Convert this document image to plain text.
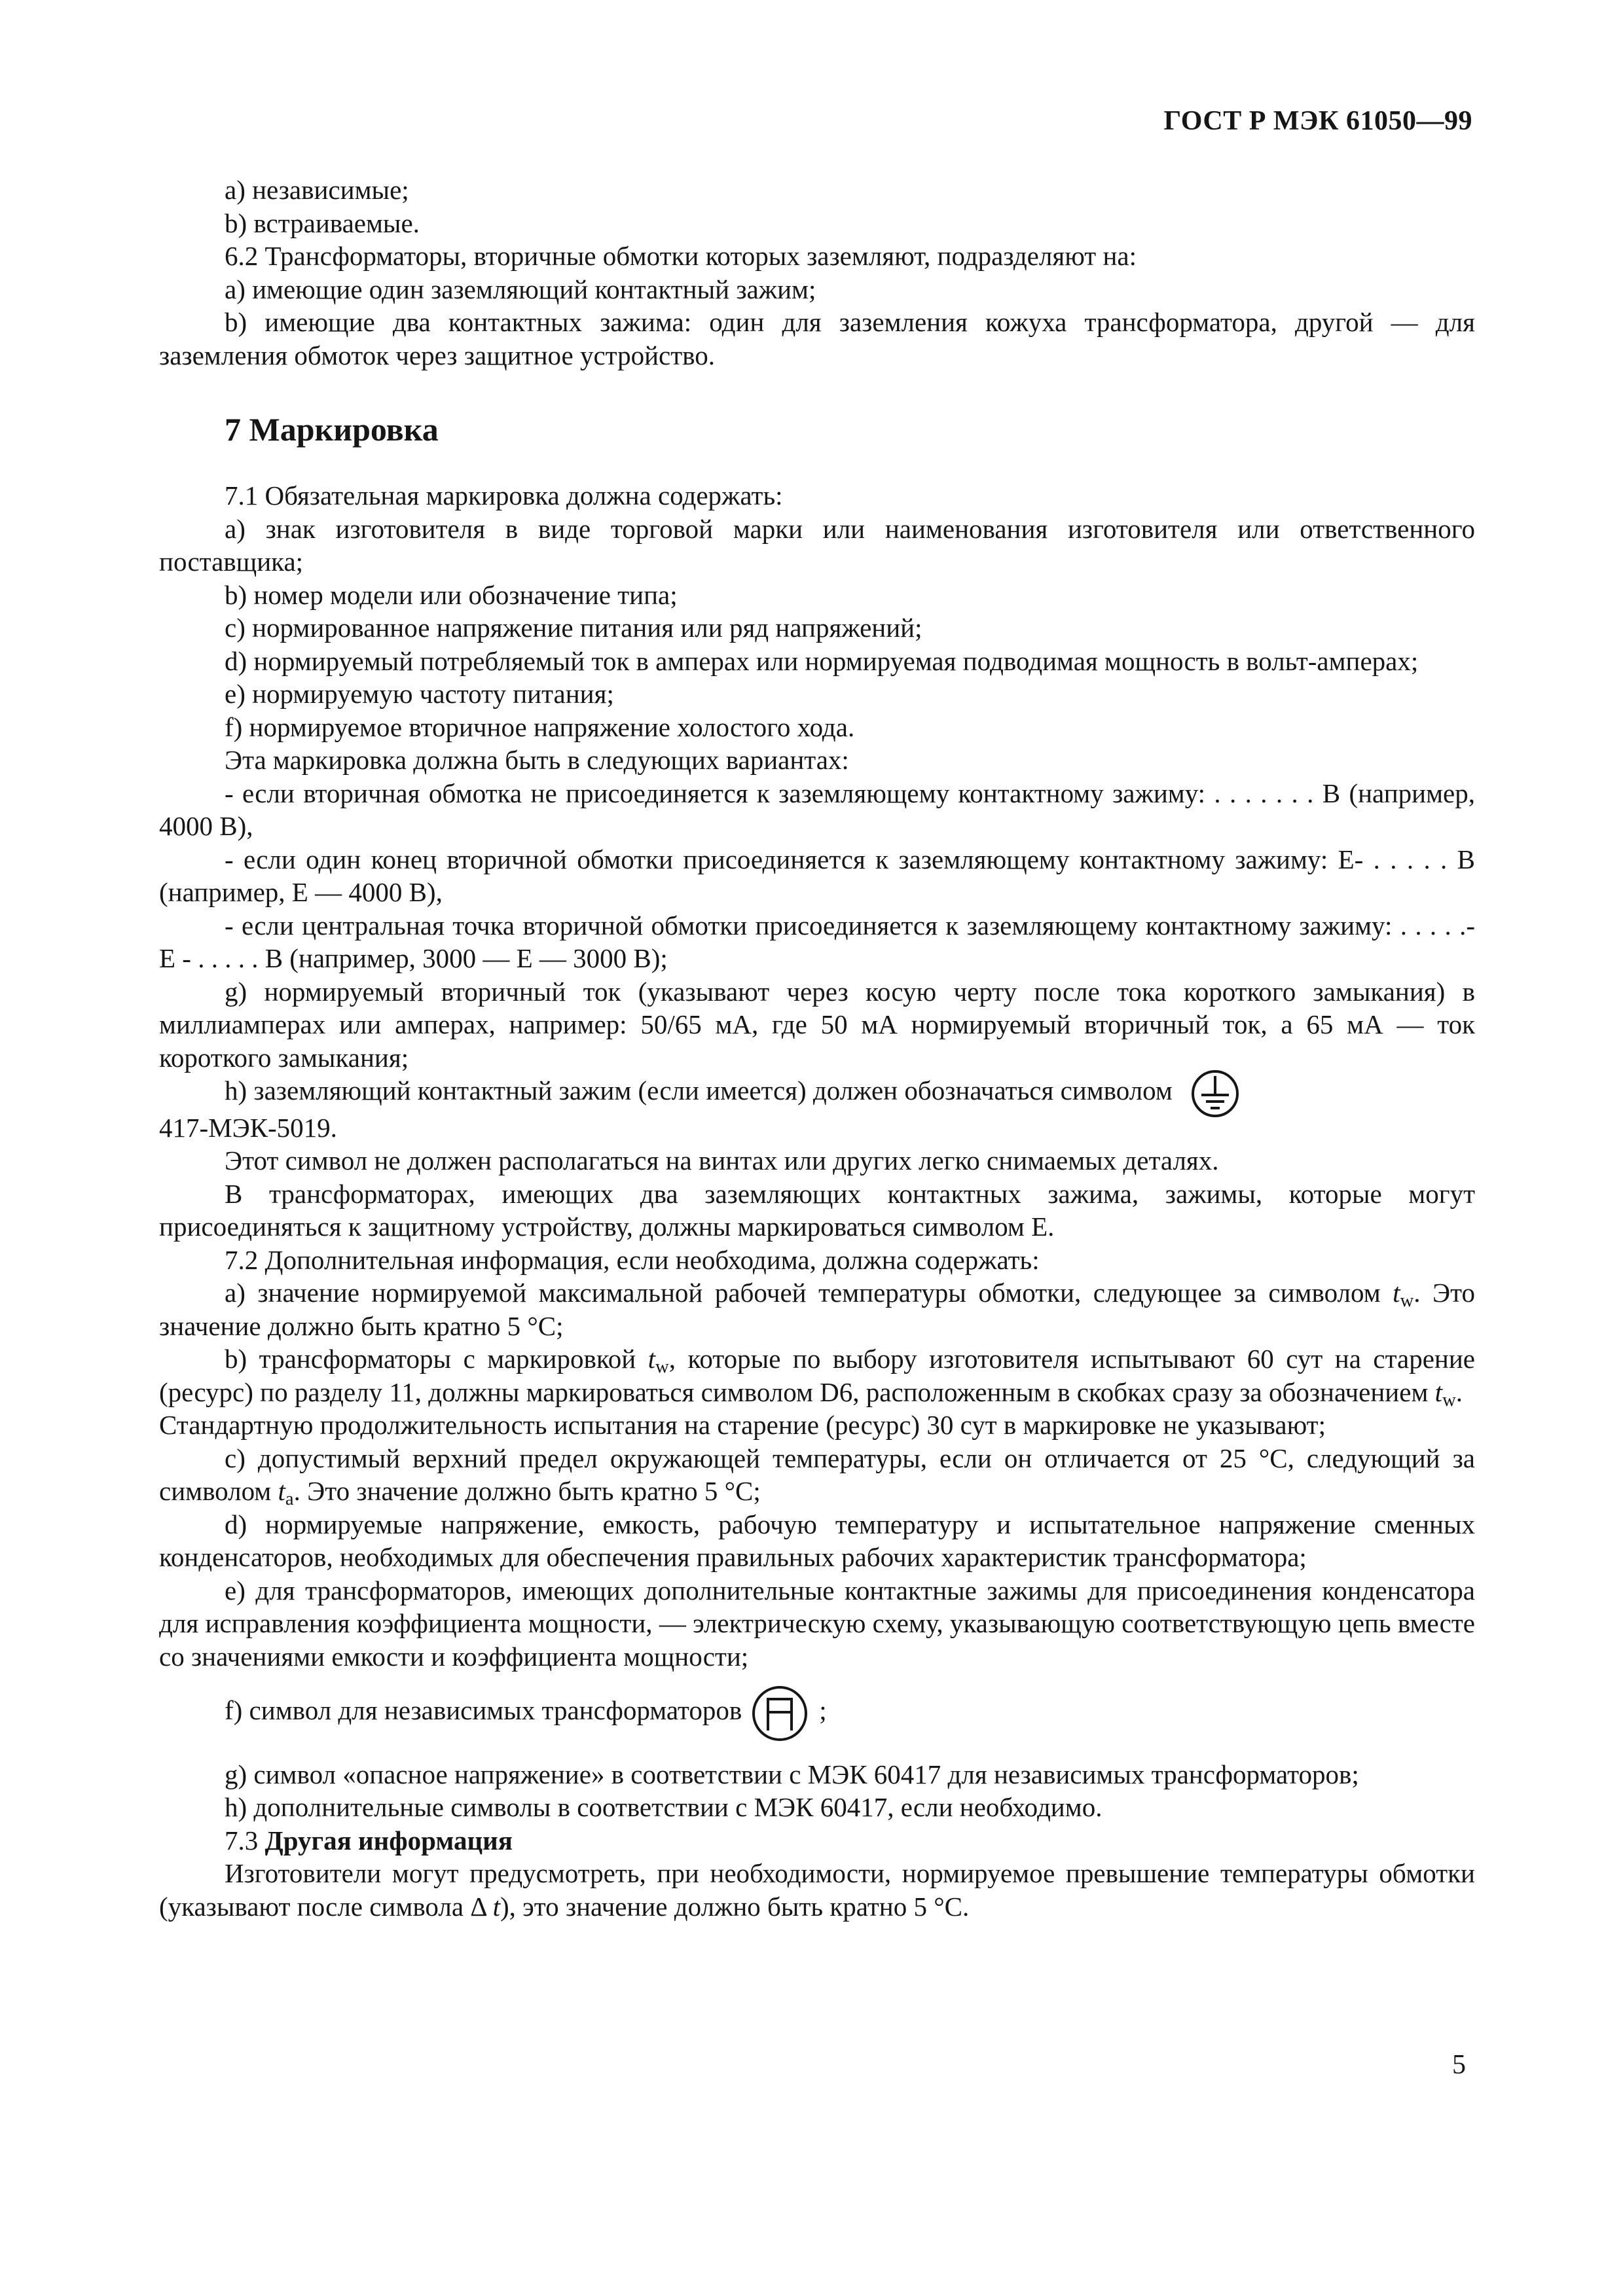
ГОСТ Р МЭК 61050—99

а) независимые;

b) встраиваемые.

6.2 Трансформаторы, вторичные обмотки которых заземляют, подразделяют на:

а) имеющие один заземляющий контактный зажим;

b) имеющие два контактных зажима: один для заземления кожуха трансформатора, другой — для заземления обмоток через защитное устройство.

7 Маркировка

7.1 Обязательная маркировка должна содержать:

а) знак изготовителя в виде торговой марки или наименования изготовителя или ответственного поставщика;

b) номер модели или обозначение типа;

c) нормированное напряжение питания или ряд напряжений;

d) нормируемый потребляемый ток в амперах или нормируемая подводимая мощность в вольт-амперах;

e) нормируемую частоту питания;

f) нормируемое вторичное напряжение холостого хода.

Эта маркировка должна быть в следующих вариантах:

- если вторичная обмотка не присоединяется к заземляющему контактному зажиму: . . . . . . . В (например, 4000 В),

- если один конец вторичной обмотки присоединяется к заземляющему контактному зажиму: Е- . . . . . В (например, Е — 4000 В),

- если центральная точка вторичной обмотки присоединяется к заземляющему контактному зажиму: . . . . .- Е - . . . . . В (например, 3000 — Е — 3000 В);

g) нормируемый вторичный ток (указывают через косую черту после тока короткого замыкания) в миллиамперах или амперах, например: 50/65 мА, где 50 мА нормируемый вторичный ток, а 65 мА — ток короткого замыкания;

h) заземляющий контактный зажим (если имеется) должен обозначаться символом

417-МЭК-5019.

Этот символ не должен располагаться на винтах или других легко снимаемых деталях.

В трансформаторах, имеющих два заземляющих контактных зажима, зажимы, которые могут присоединяться к защитному устройству, должны маркироваться символом Е.

7.2 Дополнительная информация, если необходима, должна содержать:

а) значение нормируемой максимальной рабочей температуры обмотки, следующее за символом $t_w$. Это значение должно быть кратно 5 °С;

b) трансформаторы с маркировкой $t_w$, которые по выбору изготовителя испытывают 60 сут на старение (ресурс) по разделу 11, должны маркироваться символом D6, расположенным в скобках сразу за обозначением $t_w$.

Стандартную продолжительность испытания на старение (ресурс) 30 сут в маркировке не указывают;

с) допустимый верхний предел окружающей температуры, если он отличается от 25 °С, следующий за символом $t_a$. Это значение должно быть кратно 5 °С;

d) нормируемые напряжение, емкость, рабочую температуру и испытательное напряжение сменных конденсаторов, необходимых для обеспечения правильных рабочих характеристик трансформатора;

е) для трансформаторов, имеющих дополнительные контактные зажимы для присоединения конденсатора для исправления коэффициента мощности, — электрическую схему, указывающую соответствующую цепь вместе со значениями емкости и коэффициента мощности;

f) символ для независимых трансформаторов	;

g) символ «опасное напряжение» в соответствии с МЭК 60417 для независимых трансформаторов;

h) дополнительные символы в соответствии с МЭК 60417, если необходимо.

7.3 Другая информация

Изготовители могут предусмотреть, при необходимости, нормируемое превышение температуры обмотки (указывают после символа Δ t), это значение должно быть кратно 5 °С.

5
